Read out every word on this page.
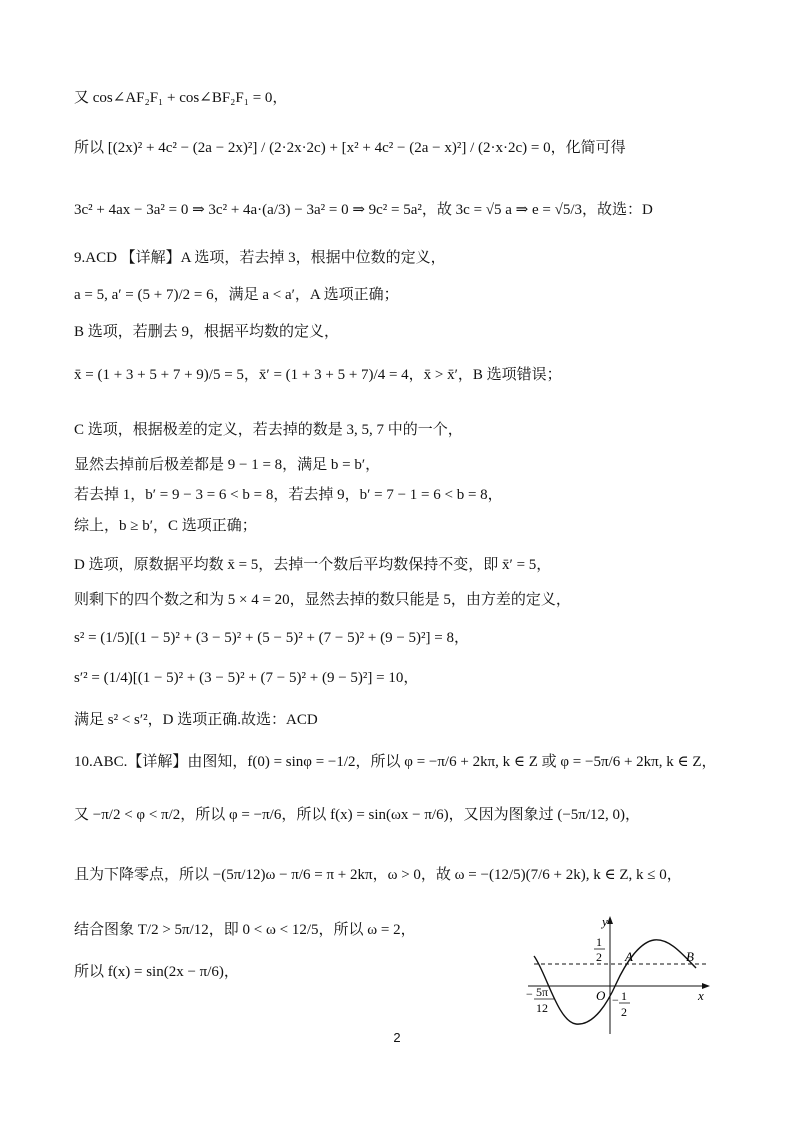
又 cos∠AF₂F₁ + cos∠BF₂F₁ = 0，
所以 [(2x)² + 4c² − (2a − 2x)²] / (2·2x·2c) + [x² + 4c² − (2a − x)²] / (2·x·2c) = 0，化简可得
3c² + 4ax − 3a² = 0 ⇒ 3c² + 4a·(a/3) − 3a² = 0 ⇒ 9c² = 5a²，故 3c = √5 a ⇒ e = √5/3，故选：D
9.ACD 【详解】A 选项，若去掉 3，根据中位数的定义，
a = 5, a′ = (5 + 7)/2 = 6，满足 a < a′，A 选项正确；
B 选项，若删去 9，根据平均数的定义，
x̄ = (1 + 3 + 5 + 7 + 9)/5 = 5，x̄′ = (1 + 3 + 5 + 7)/4 = 4，x̄ > x̄′，B 选项错误；
C 选项，根据极差的定义，若去掉的数是 3, 5, 7 中的一个，
显然去掉前后极差都是 9 − 1 = 8，满足 b = b′，
若去掉 1，b′ = 9 − 3 = 6 < b = 8，若去掉 9，b′ = 7 − 1 = 6 < b = 8，
综上，b ≥ b′，C 选项正确；
D 选项，原数据平均数 x̄ = 5，去掉一个数后平均数保持不变，即 x̄′ = 5，
则剩下的四个数之和为 5 × 4 = 20，显然去掉的数只能是 5，由方差的定义，
s² = (1/5)[(1 − 5)² + (3 − 5)² + (5 − 5)² + (7 − 5)² + (9 − 5)²] = 8，
s′² = (1/4)[(1 − 5)² + (3 − 5)² + (7 − 5)² + (9 − 5)²] = 10，
满足 s² < s′²，D 选项正确.故选：ACD
10.ABC.【详解】由图知，f(0) = sinφ = −1/2，所以 φ = −π/6 + 2kπ, k ∈ Z 或 φ = −5π/6 + 2kπ, k ∈ Z，
又 −π/2 < φ < π/2，所以 φ = −π/6，所以 f(x) = sin(ωx − π/6)，又因为图象过 (−5π/12, 0)，
且为下降零点，所以 −(5π/12)ω − π/6 = π + 2kπ，ω > 0，故 ω = −(12/5)(7/6 + 2k), k ∈ Z, k ≤ 0，
结合图象 T/2 > 5π/12，即 0 < ω < 12/5，所以 ω = 2，
所以 f(x) = sin(2x − π/6)，
y
x
1
2 A	B
O
− 5π
12
− 1
2
2
